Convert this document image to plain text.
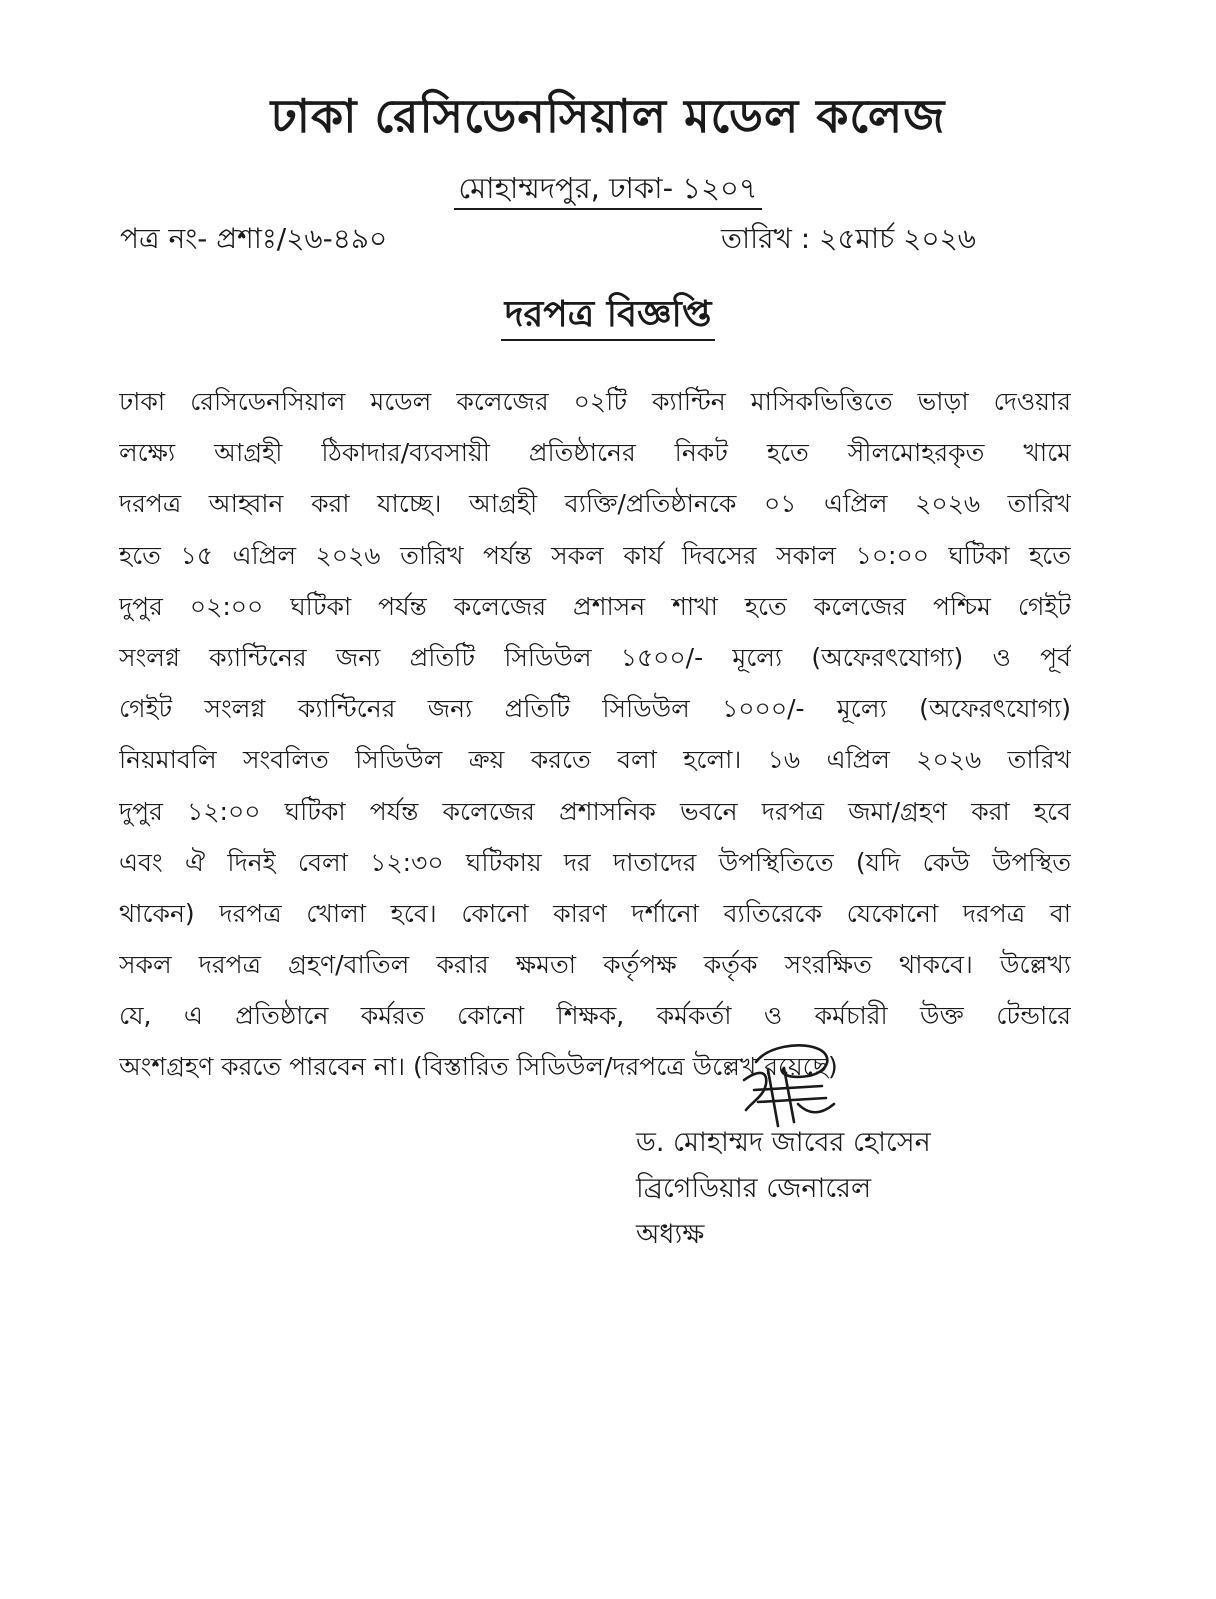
ঢাকা রেসিডেনসিয়াল মডেল কলেজ
মোহাম্মদপুর, ঢাকা- ১২০৭
পত্র নং- প্রশাঃ/২৬-৪৯০	তারিখ : ২৫মার্চ ২০২৬
দরপত্র বিজ্ঞপ্তি
ঢাকা রেসিডেনসিয়াল মডেল কলেজের ০২টি ক্যান্টিন মাসিকভিত্তিতে ভাড়া দেওয়ার
লক্ষ্যে আগ্রহী ঠিকাদার/ব্যবসায়ী প্রতিষ্ঠানের নিকট হতে সীলমোহরকৃত খামে
দরপত্র আহ্বান করা যাচ্ছে। আগ্রহী ব্যক্তি/প্রতিষ্ঠানকে ০১ এপ্রিল ২০২৬ তারিখ
হতে ১৫ এপ্রিল ২০২৬ তারিখ পর্যন্ত সকল কার্য দিবসের সকাল ১০:০০ ঘটিকা হতে
দুপুর ০২:০০ ঘটিকা পর্যন্ত কলেজের প্রশাসন শাখা হতে কলেজের পশ্চিম গেইট
সংলগ্ন ক্যান্টিনের জন্য প্রতিটি সিডিউল ১৫০০/- মূল্যে (অফেরৎযোগ্য) ও পূর্ব
গেইট সংলগ্ন ক্যান্টিনের জন্য প্রতিটি সিডিউল ১০০০/- মূল্যে (অফেরৎযোগ্য)
নিয়মাবলি সংবলিত সিডিউল ক্রয় করতে বলা হলো। ১৬ এপ্রিল ২০২৬ তারিখ
দুপুর ১২:০০ ঘটিকা পর্যন্ত কলেজের প্রশাসনিক ভবনে দরপত্র জমা/গ্রহণ করা হবে
এবং ঐ দিনই বেলা ১২:৩০ ঘটিকায় দর দাতাদের উপস্থিতিতে (যদি কেউ উপস্থিত
থাকেন) দরপত্র খোলা হবে। কোনো কারণ দর্শানো ব্যতিরেকে যেকোনো দরপত্র বা
সকল দরপত্র গ্রহণ/বাতিল করার ক্ষমতা কর্তৃপক্ষ কর্তৃক সংরক্ষিত থাকবে। উল্লেখ্য
যে, এ প্রতিষ্ঠানে কর্মরত কোনো শিক্ষক, কর্মকর্তা ও কর্মচারী উক্ত টেন্ডারে
অংশগ্রহণ করতে পারবেন না। (বিস্তারিত সিডিউল/দরপত্রে উল্লেখ রয়েছে)
ড. মোহাম্মদ জাবের হোসেন
ব্রিগেডিয়ার জেনারেল
অধ্যক্ষ
